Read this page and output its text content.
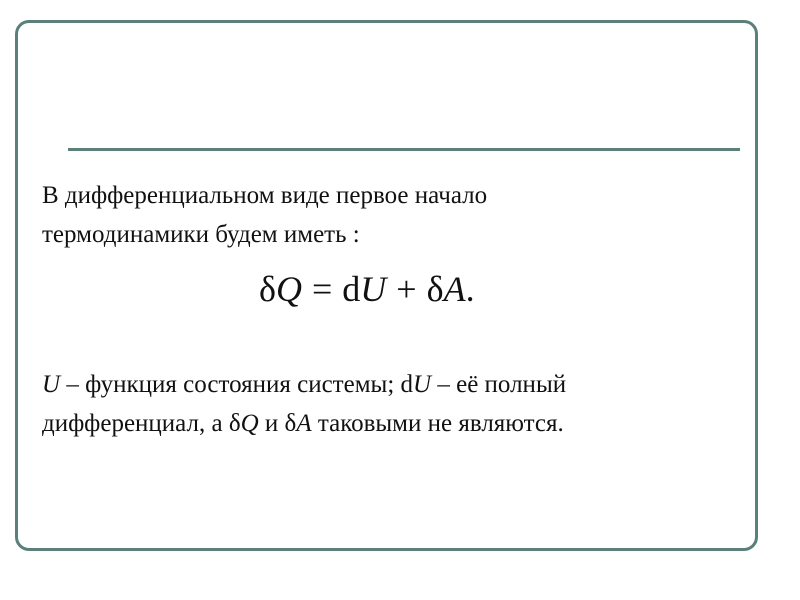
В дифференциальном виде первое начало
термодинамики будем иметь :
δQ = dU + δA.
U – функция состояния системы; dU – её полный
дифференциал, а δQ и δA таковыми не являются.
